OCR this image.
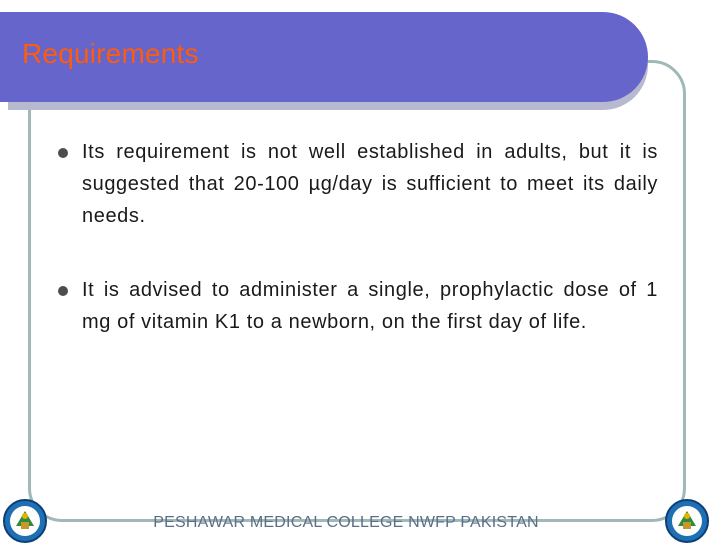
Requirements
Its requirement is not well established in adults, but it is suggested that 20-100 µg/day is sufficient to meet its daily needs.
It is advised to administer a single, prophylactic dose of 1 mg of vitamin K1 to a newborn, on the first day of life.
PESHAWAR MEDICAL COLLEGE NWFP PAKISTAN
